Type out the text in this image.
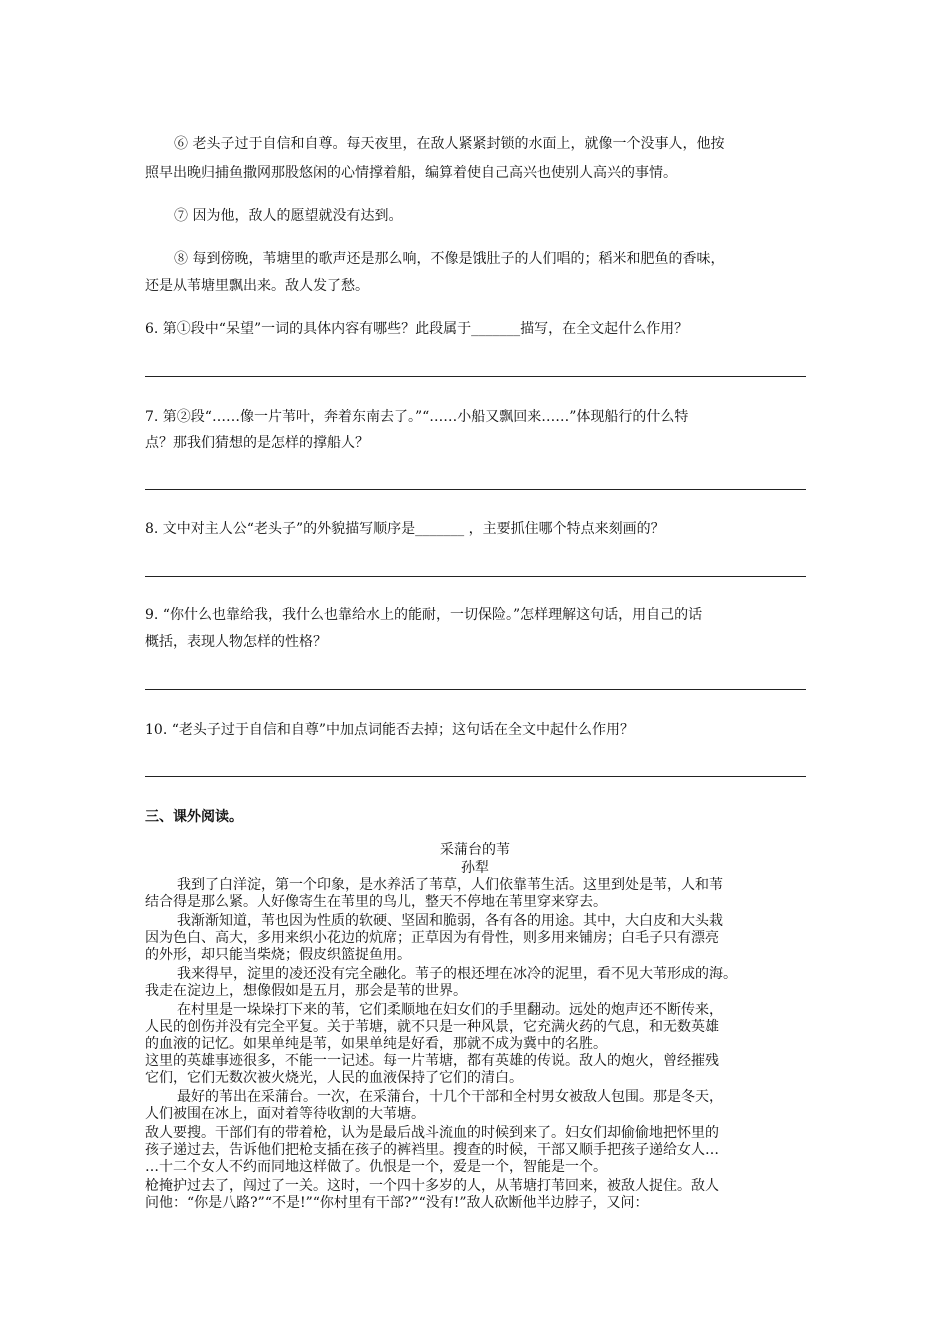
⑥ 老头子过于自信和自尊。每天夜里，在敌人紧紧封锁的水面上，就像一个没事人，他按
照早出晚归捕鱼撒网那股悠闲的心情撑着船，编算着使自己高兴也使别人高兴的事情。
⑦ 因为他，敌人的愿望就没有达到。
⑧ 每到傍晚，苇塘里的歌声还是那么响，不像是饿肚子的人们唱的；稻米和肥鱼的香味，
还是从苇塘里飘出来。敌人发了愁。
6. 第①段中“呆望”一词的具体内容有哪些？此段属于_______描写，在全文起什么作用？
7. 第②段“……像一片苇叶，奔着东南去了。”“……小船又飘回来……”体现船行的什么特
点？那我们猜想的是怎样的撑船人？
8. 文中对主人公“老头子”的外貌描写顺序是_______ ，主要抓住哪个特点来刻画的？
9. “你什么也靠给我，我什么也靠给水上的能耐，一切保险。”怎样理解这句话，用自己的话
概括，表现人物怎样的性格？
10. “老头子过于自信和自尊”中加点词能否去掉；这句话在全文中起什么作用？
三、课外阅读。
采蒲台的苇
孙犁
我到了白洋淀，第一个印象，是水养活了苇草，人们依靠苇生活。这里到处是苇，人和苇
结合得是那么紧。人好像寄生在苇里的鸟儿，整天不停地在苇里穿来穿去。
我渐渐知道，苇也因为性质的软硬、坚固和脆弱，各有各的用途。其中，大白皮和大头栽
因为色白、高大，多用来织小花边的炕席；正草因为有骨性，则多用来铺房；白毛子只有漂亮
的外形，却只能当柴烧；假皮织篮捉鱼用。
我来得早，淀里的凌还没有完全融化。苇子的根还埋在冰冷的泥里，看不见大苇形成的海。
我走在淀边上，想像假如是五月，那会是苇的世界。
在村里是一垛垛打下来的苇，它们柔顺地在妇女们的手里翻动。远处的炮声还不断传来，
人民的创伤并没有完全平复。关于苇塘，就不只是一种风景，它充满火药的气息，和无数英雄
的血液的记忆。如果单纯是苇，如果单纯是好看，那就不成为冀中的名胜。
这里的英雄事迹很多，不能一一记述。每一片苇塘，都有英雄的传说。敌人的炮火，曾经摧残
它们，它们无数次被火烧光，人民的血液保持了它们的清白。
最好的苇出在采蒲台。一次，在采蒲台，十几个干部和全村男女被敌人包围。那是冬天，
人们被围在冰上，面对着等待收割的大苇塘。
敌人要搜。干部们有的带着枪，认为是最后战斗流血的时候到来了。妇女们却偷偷地把怀里的
孩子递过去，告诉他们把枪支插在孩子的裤裆里。搜查的时候，干部又顺手把孩子递给女人…
…十二个女人不约而同地这样做了。仇恨是一个，爱是一个，智能是一个。
枪掩护过去了，闯过了一关。这时，一个四十多岁的人，从苇塘打苇回来，被敌人捉住。敌人
问他：“你是八路?”“不是!”“你村里有干部?”“没有!”敌人砍断他半边脖子，又问：
